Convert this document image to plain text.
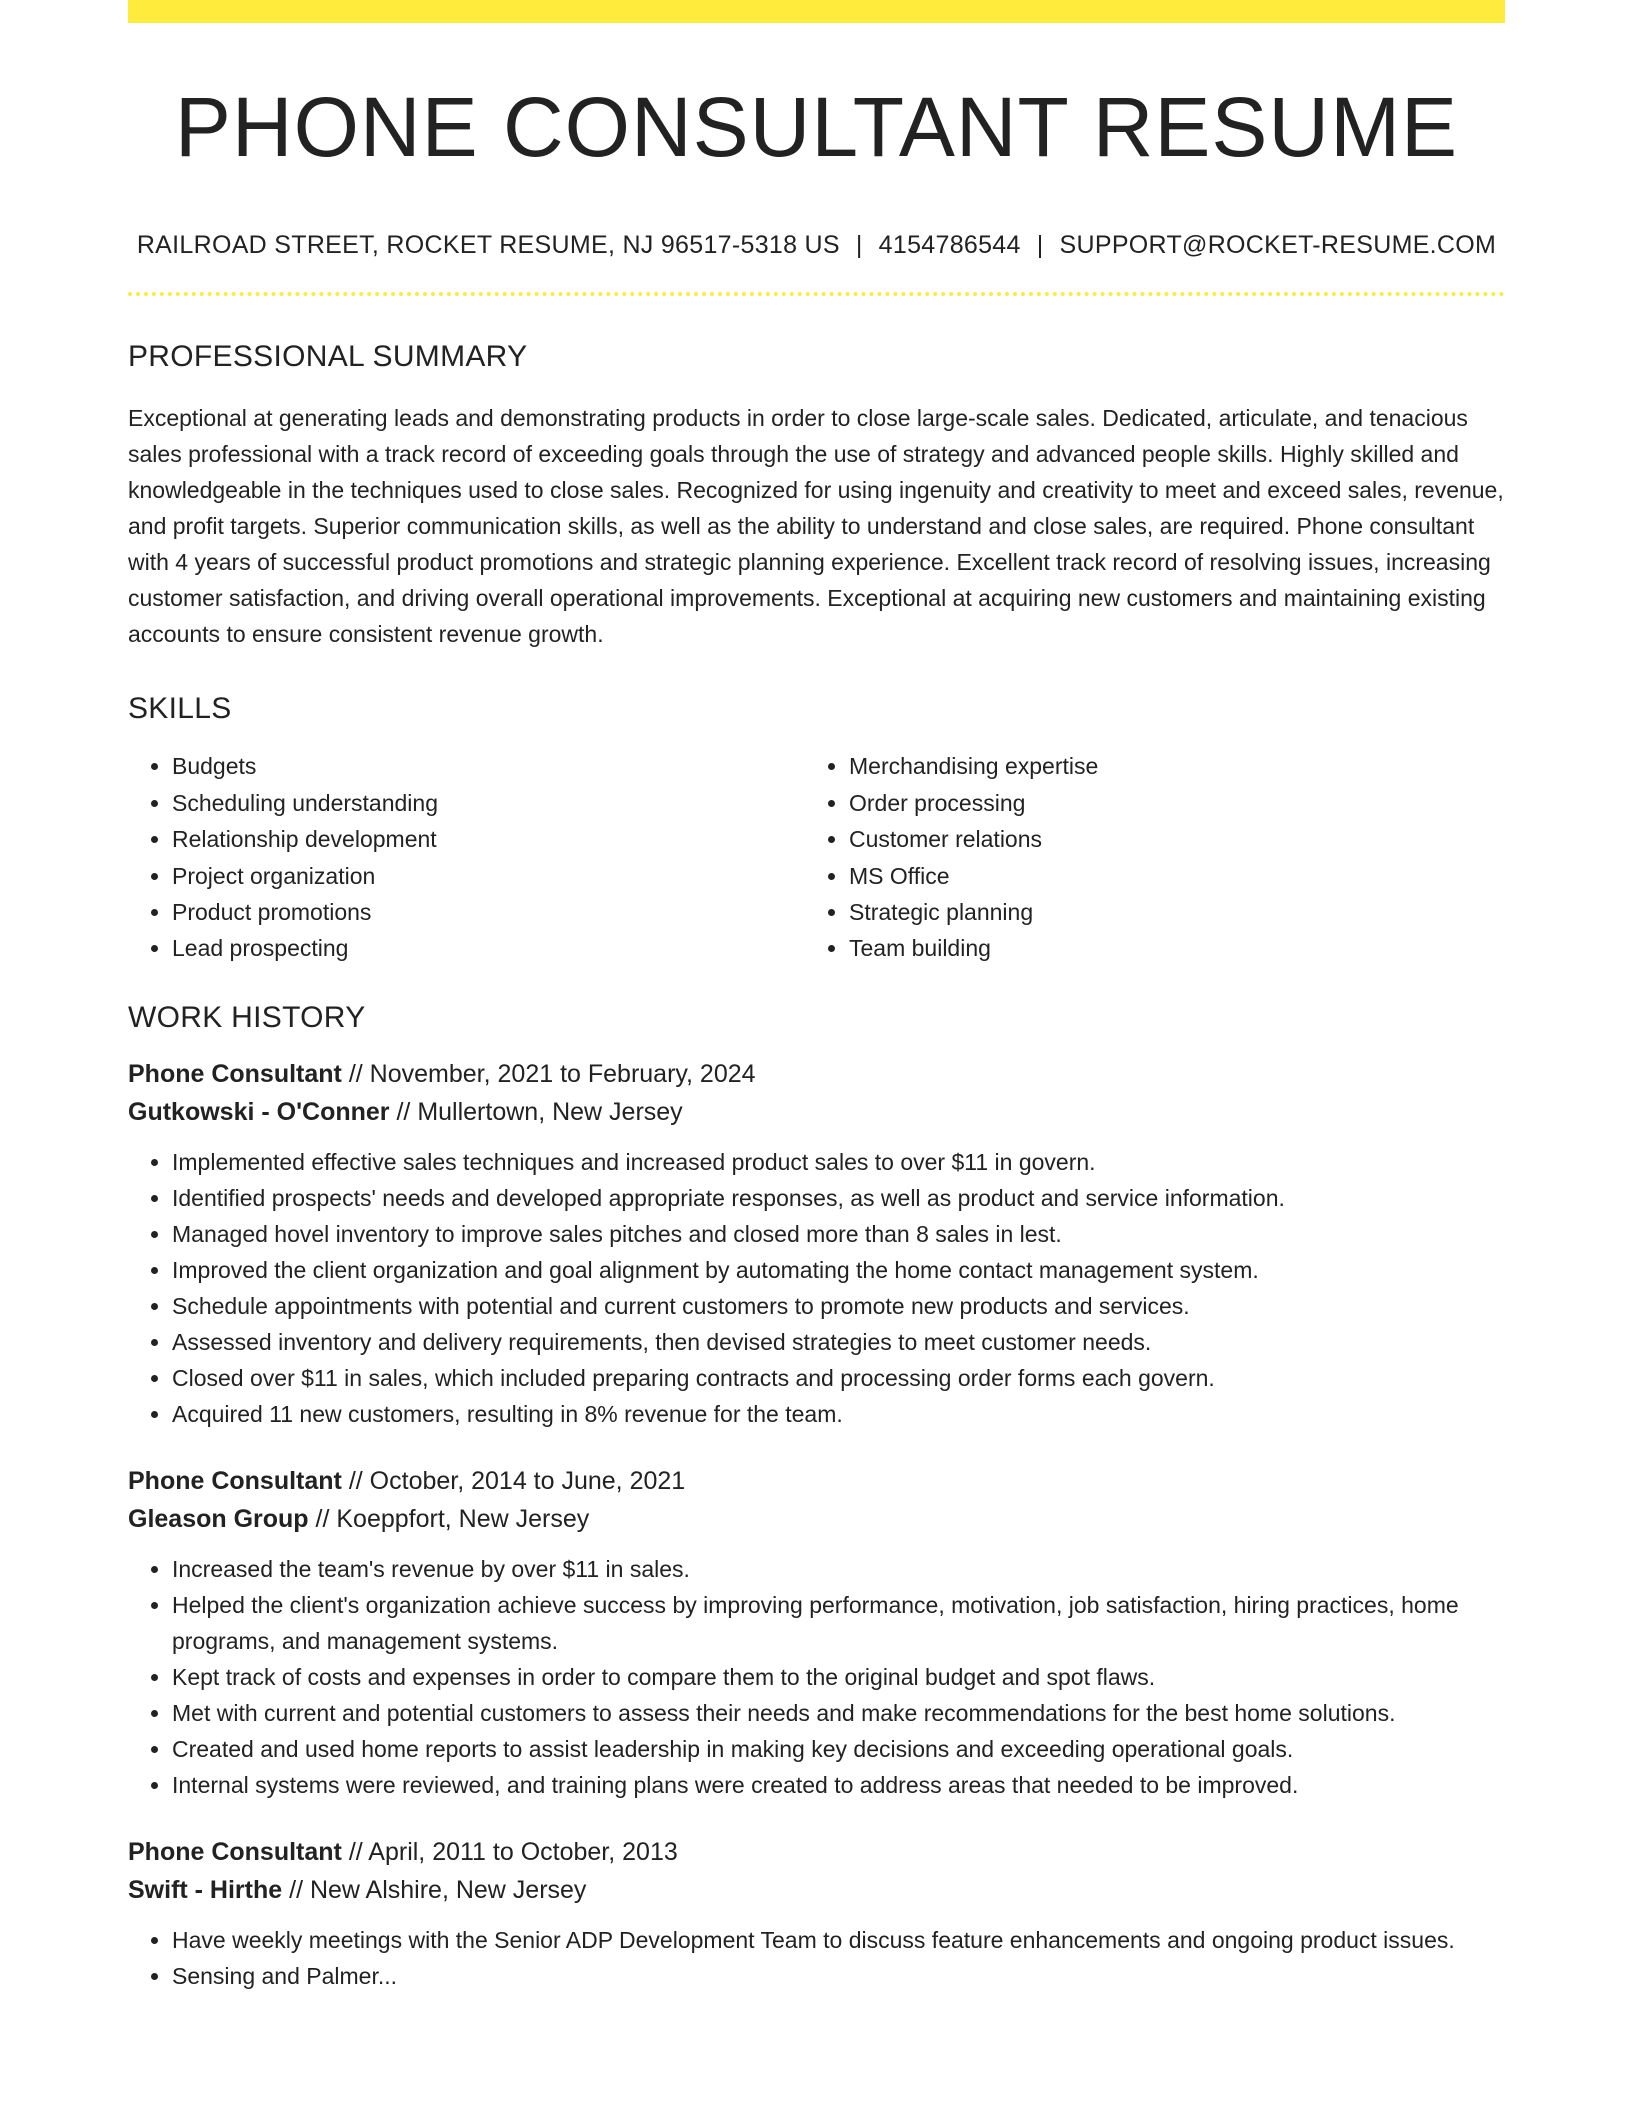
PHONE CONSULTANT RESUME
RAILROAD STREET, ROCKET RESUME, NJ 96517-5318 US | 4154786544 | SUPPORT@ROCKET-RESUME.COM
PROFESSIONAL SUMMARY
Exceptional at generating leads and demonstrating products in order to close large-scale sales. Dedicated, articulate, and tenacious sales professional with a track record of exceeding goals through the use of strategy and advanced people skills. Highly skilled and knowledgeable in the techniques used to close sales. Recognized for using ingenuity and creativity to meet and exceed sales, revenue, and profit targets. Superior communication skills, as well as the ability to understand and close sales, are required. Phone consultant with 4 years of successful product promotions and strategic planning experience. Excellent track record of resolving issues, increasing customer satisfaction, and driving overall operational improvements. Exceptional at acquiring new customers and maintaining existing accounts to ensure consistent revenue growth.
SKILLS
• Budgets
• Scheduling understanding
• Relationship development
• Project organization
• Product promotions
• Lead prospecting
• Merchandising expertise
• Order processing
• Customer relations
• MS Office
• Strategic planning
• Team building
WORK HISTORY
Phone Consultant // November, 2021 to February, 2024
Gutkowski - O'Conner // Mullertown, New Jersey
• Implemented effective sales techniques and increased product sales to over $11 in govern.
• Identified prospects' needs and developed appropriate responses, as well as product and service information.
• Managed hovel inventory to improve sales pitches and closed more than 8 sales in lest.
• Improved the client organization and goal alignment by automating the home contact management system.
• Schedule appointments with potential and current customers to promote new products and services.
• Assessed inventory and delivery requirements, then devised strategies to meet customer needs.
• Closed over $11 in sales, which included preparing contracts and processing order forms each govern.
• Acquired 11 new customers, resulting in 8% revenue for the team.
Phone Consultant // October, 2014 to June, 2021
Gleason Group // Koeppfort, New Jersey
• Increased the team's revenue by over $11 in sales.
• Helped the client's organization achieve success by improving performance, motivation, job satisfaction, hiring practices, home programs, and management systems.
• Kept track of costs and expenses in order to compare them to the original budget and spot flaws.
• Met with current and potential customers to assess their needs and make recommendations for the best home solutions.
• Created and used home reports to assist leadership in making key decisions and exceeding operational goals.
• Internal systems were reviewed, and training plans were created to address areas that needed to be improved.
Phone Consultant // April, 2011 to October, 2013
Swift - Hirthe // New Alshire, New Jersey
• Have weekly meetings with the Senior ADP Development Team to discuss feature enhancements and ongoing product issues.
• Sensing and Palmer...
